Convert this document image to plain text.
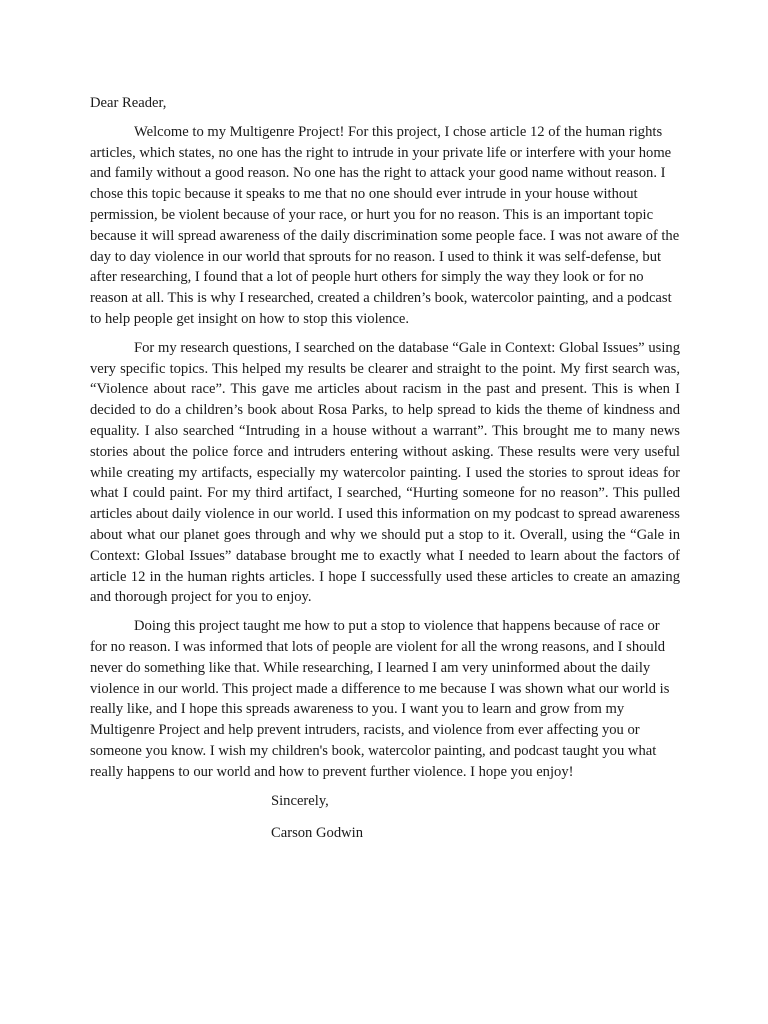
Dear Reader,

Welcome to my Multigenre Project! For this project, I chose article 12 of the human rights articles, which states, no one has the right to intrude in your private life or interfere with your home and family without a good reason. No one has the right to attack your good name without reason. I chose this topic because it speaks to me that no one should ever intrude in your house without permission, be violent because of your race, or hurt you for no reason. This is an important topic because it will spread awareness of the daily discrimination some people face. I was not aware of the day to day violence in our world that sprouts for no reason. I used to think it was self-defense, but after researching, I found that a lot of people hurt others for simply the way they look or for no reason at all. This is why I researched, created a children’s book, watercolor painting, and a podcast to help people get insight on how to stop this violence.

For my research questions, I searched on the database “Gale in Context: Global Issues” using very specific topics. This helped my results be clearer and straight to the point. My first search was, “Violence about race”. This gave me articles about racism in the past and present. This is when I decided to do a children’s book about Rosa Parks, to help spread to kids the theme of kindness and equality. I also searched “Intruding in a house without a warrant”. This brought me to many news stories about the police force and intruders entering without asking. These results were very useful while creating my artifacts, especially my watercolor painting. I used the stories to sprout ideas for what I could paint. For my third artifact, I searched, “Hurting someone for no reason”. This pulled articles about daily violence in our world. I used this information on my podcast to spread awareness about what our planet goes through and why we should put a stop to it. Overall, using the “Gale in Context: Global Issues” database brought me to exactly what I needed to learn about the factors of article 12 in the human rights articles. I hope I successfully used these articles to create an amazing and thorough project for you to enjoy.

Doing this project taught me how to put a stop to violence that happens because of race or for no reason. I was informed that lots of people are violent for all the wrong reasons, and I should never do something like that. While researching, I learned I am very uninformed about the daily violence in our world. This project made a difference to me because I was shown what our world is really like, and I hope this spreads awareness to you. I want you to learn and grow from my Multigenre Project and help prevent intruders, racists, and violence from ever affecting you or someone you know. I wish my children's book, watercolor painting, and podcast taught you what really happens to our world and how to prevent further violence. I hope you enjoy!

Sincerely,

Carson Godwin
